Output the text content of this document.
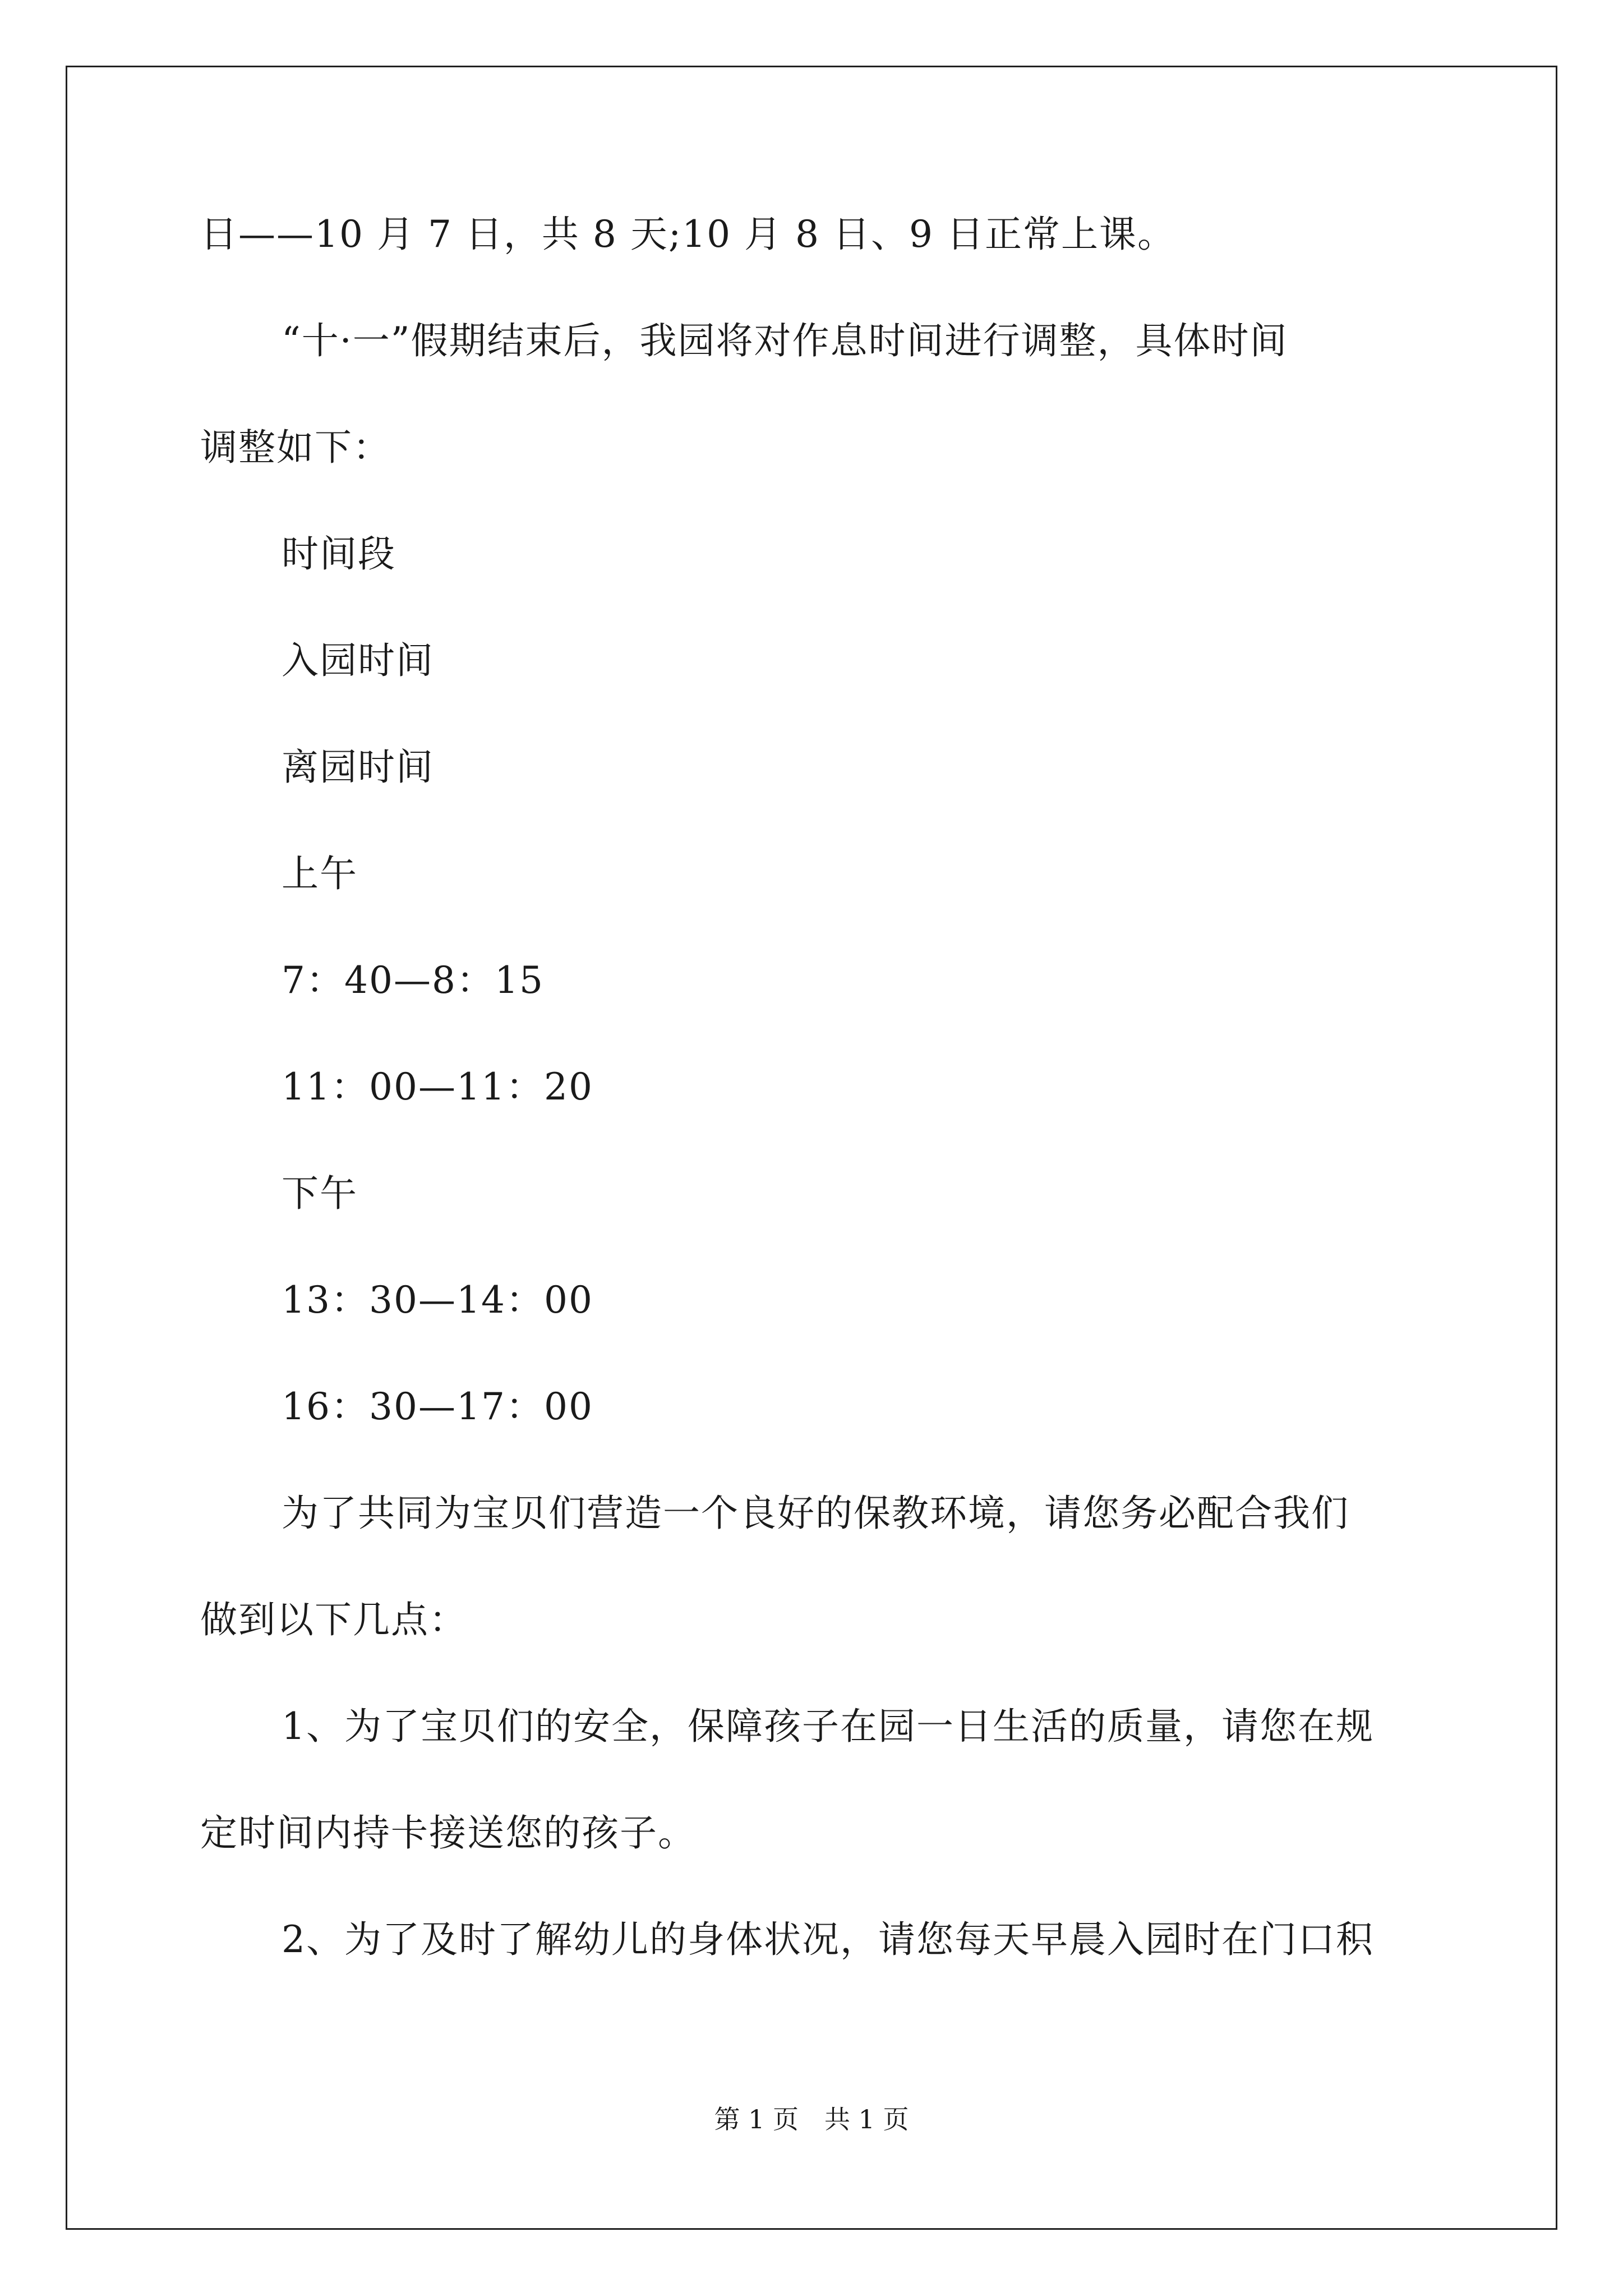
日——10 月 7 日，共 8 天;10 月 8 日、9 日正常上课。
“十·一”假期结束后，我园将对作息时间进行调整，具体时间
调整如下：
时间段
入园时间
离园时间
上午
7：40—8：15
11：00—11：20
下午
13：30—14：00
16：30—17：00
为了共同为宝贝们营造一个良好的保教环境，请您务必配合我们
做到以下几点：
1、为了宝贝们的安全，保障孩子在园一日生活的质量，请您在规
定时间内持卡接送您的孩子。
2、为了及时了解幼儿的身体状况，请您每天早晨入园时在门口积
第 1 页　共 1 页
